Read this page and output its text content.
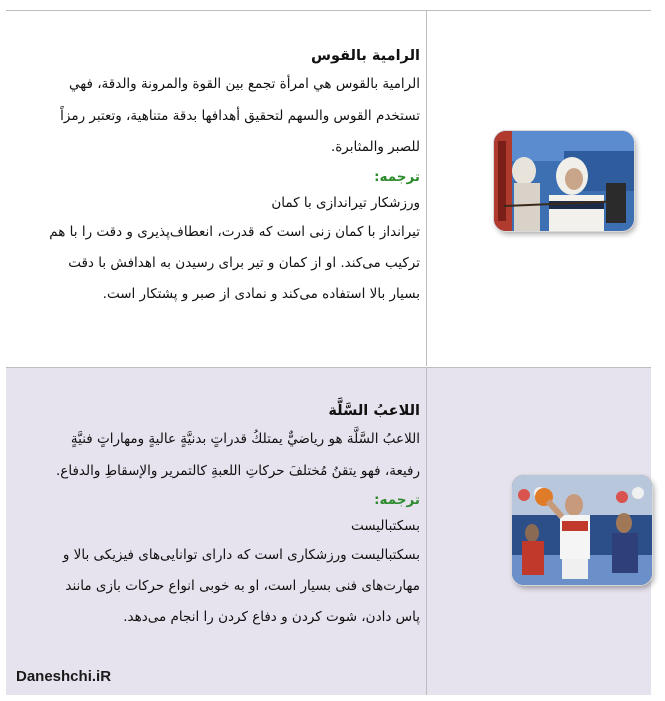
الرامية بالقوس

الرامية بالقوس هي امرأة تجمع بين القوة والمرونة والدقة، فهي

تستخدم القوس والسهم لتحقيق أهدافها بدقة متناهية، وتعتبر رمزاً

للصبر والمثابرة.

ترجمه:
ورزشکار تیراندازی با کمان
تیرانداز با کمان زنی است که قدرت، انعطاف‌پذیری و دقت را با هم
ترکیب می‌کند. او از کمان و تیر برای رسیدن به اهدافش با دقت
بسیار بالا استفاده می‌کند و نمادی از صبر و پشتکار است.
اللاعبُ السَّلَّة

اللاعبُ السَّلَّة هو رياضيٌّ يمتلكُ قدراتٍ بدنيَّةٍ عاليةٍ ومهاراتٍ فنيَّةٍ

رفيعة، فهو يتقنُ مُختلفَ حركاتِ اللعبةِ كالتمرير والإسقاطِ والدفاع.

ترجمه:
بسکتبالیست
بسکتبالیست ورزشکاری است که دارای توانایی‌های فیزیکی بالا و
مهارت‌های فنی بسیار است، او به خوبی انواع حرکات بازی مانند
پاس دادن، شوت کردن و دفاع کردن را انجام می‌دهد.
Daneshchi.iR
